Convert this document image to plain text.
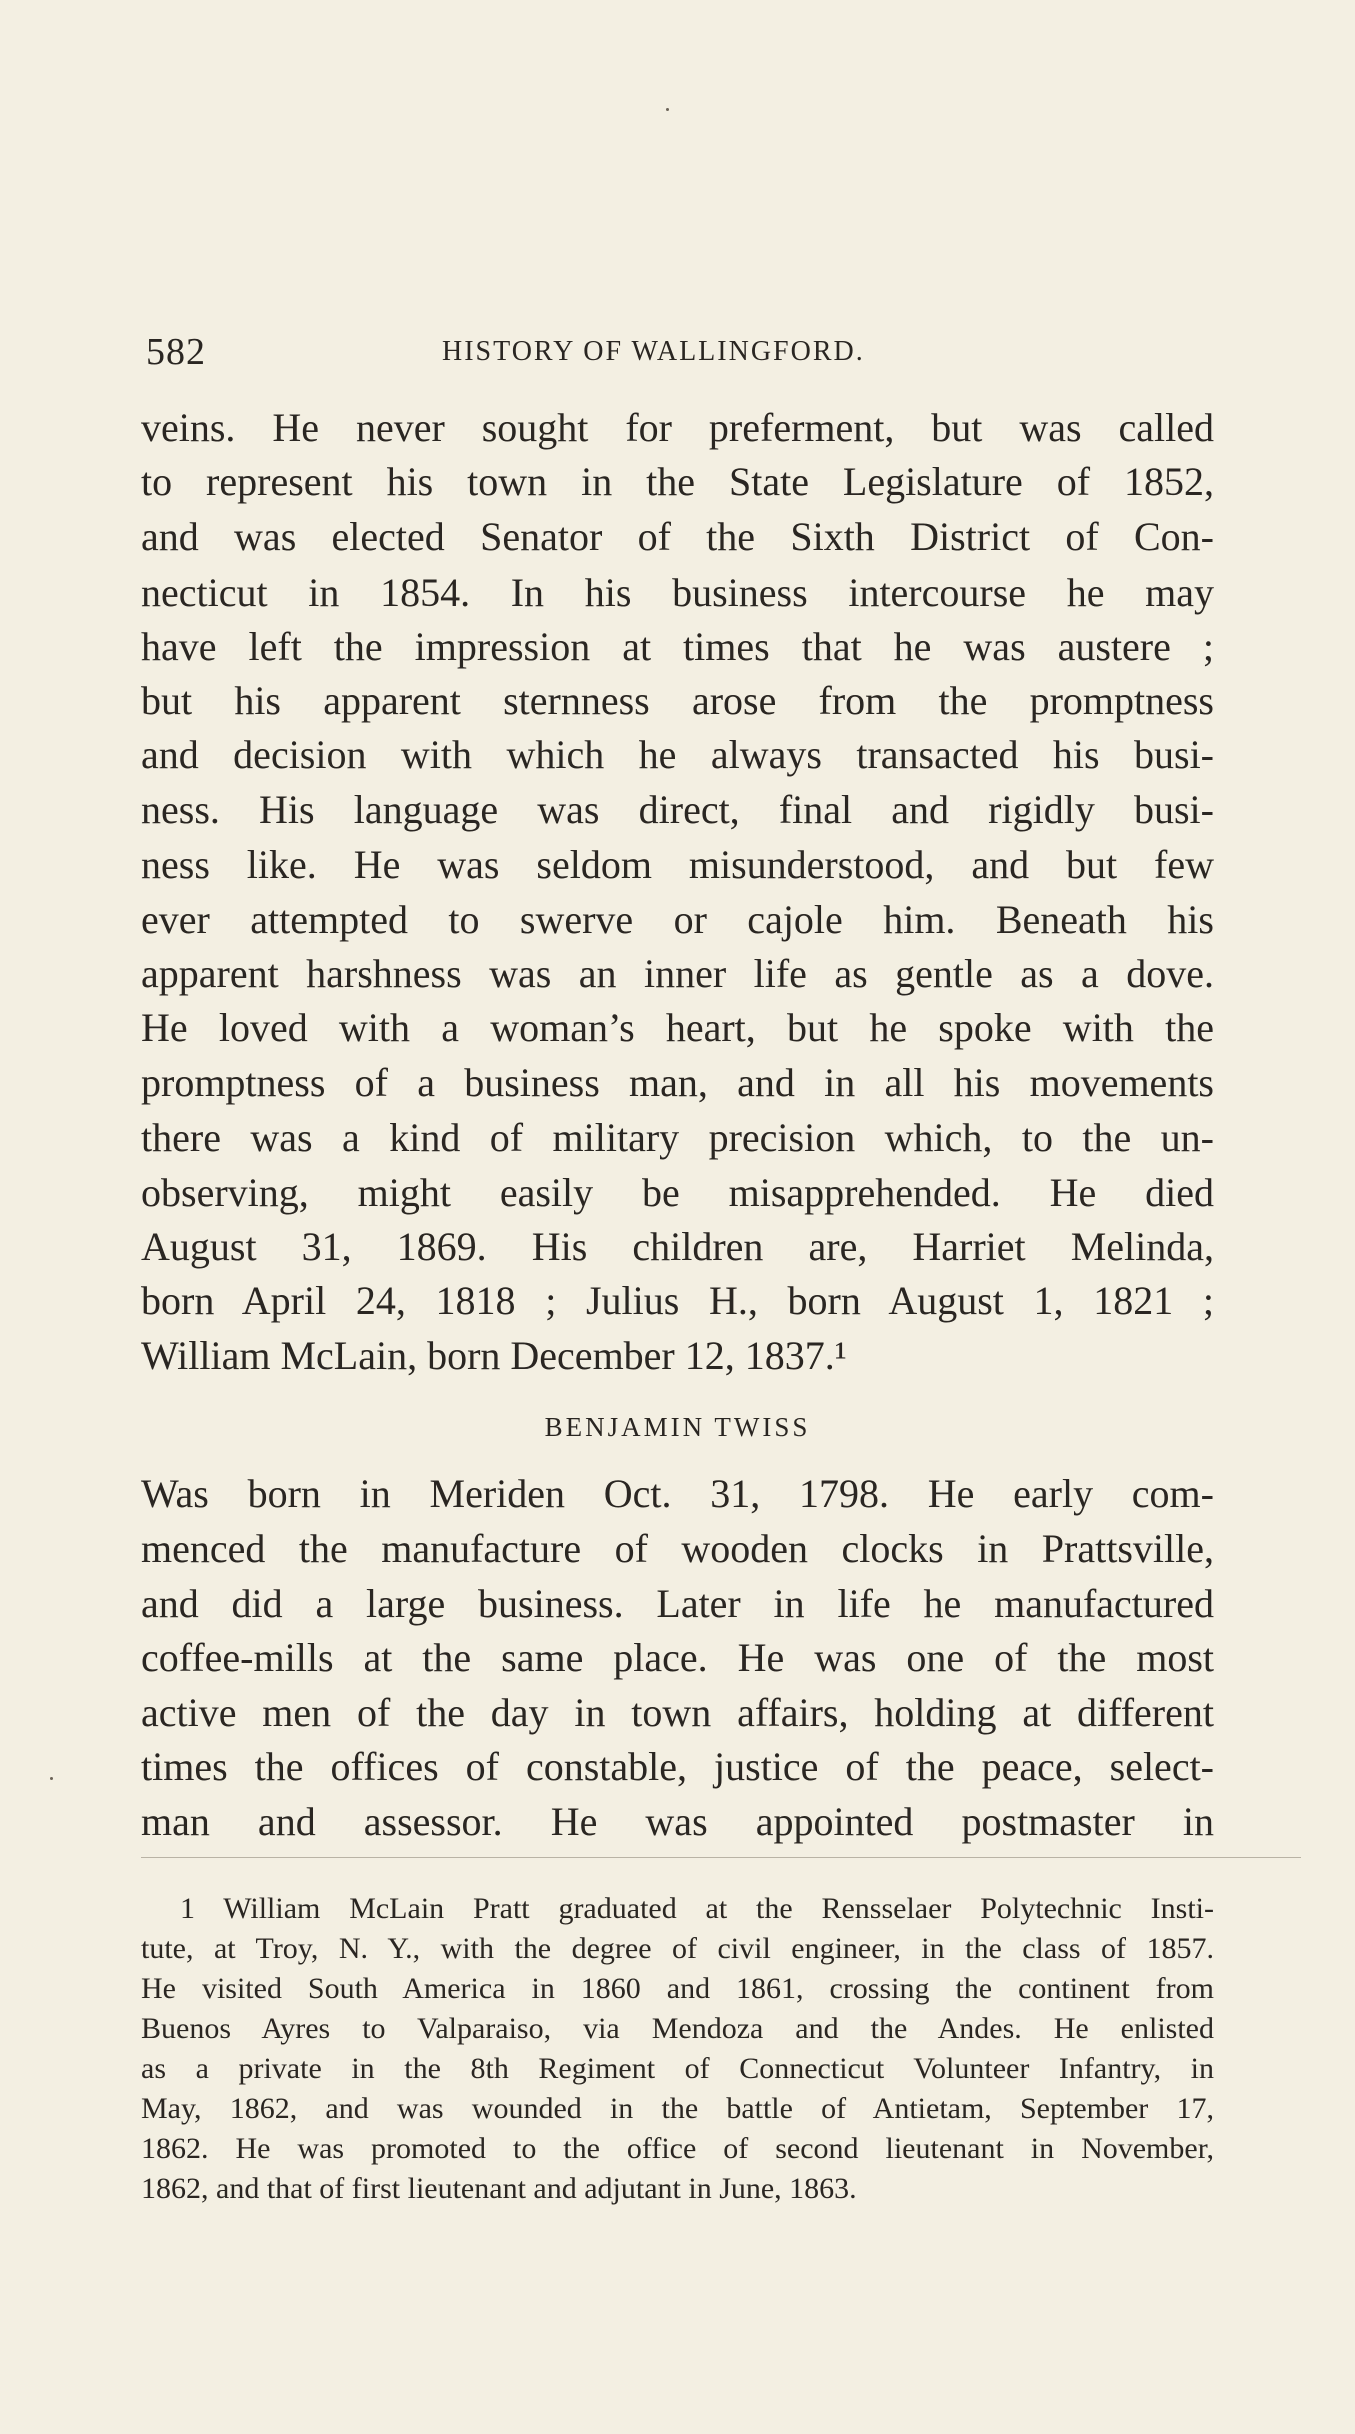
582	HISTORY OF WALLINGFORD.
veins. He never sought for preferment, but was called
to represent his town in the State Legislature of 1852,
and was elected Senator of the Sixth District of Con-
necticut in 1854. In his business intercourse he may
have left the impression at times that he was austere ;
but his apparent sternness arose from the promptness
and decision with which he always transacted his busi-
ness. His language was direct, final and rigidly busi-
ness like. He was seldom misunderstood, and but few
ever attempted to swerve or cajole him. Beneath his
apparent harshness was an inner life as gentle as a dove.
He loved with a woman’s heart, but he spoke with the
promptness of a business man, and in all his movements
there was a kind of military precision which, to the un-
observing, might easily be misapprehended. He died
August 31, 1869. His children are, Harriet Melinda,
born April 24, 1818 ; Julius H., born August 1, 1821 ;
William McLain, born December 12, 1837.¹
BENJAMIN TWISS
Was born in Meriden Oct. 31, 1798. He early com-
menced the manufacture of wooden clocks in Prattsville,
and did a large business. Later in life he manufactured
coffee-mills at the same place. He was one of the most
active men of the day in town affairs, holding at different
times the offices of constable, justice of the peace, select-
man and assessor. He was appointed postmaster in
1 William McLain Pratt graduated at the Rensselaer Polytechnic Insti-
tute, at Troy, N. Y., with the degree of civil engineer, in the class of 1857.
He visited South America in 1860 and 1861, crossing the continent from
Buenos Ayres to Valparaiso, via Mendoza and the Andes. He enlisted
as a private in the 8th Regiment of Connecticut Volunteer Infantry, in
May, 1862, and was wounded in the battle of Antietam, September 17,
1862. He was promoted to the office of second lieutenant in November,
1862, and that of first lieutenant and adjutant in June, 1863.
